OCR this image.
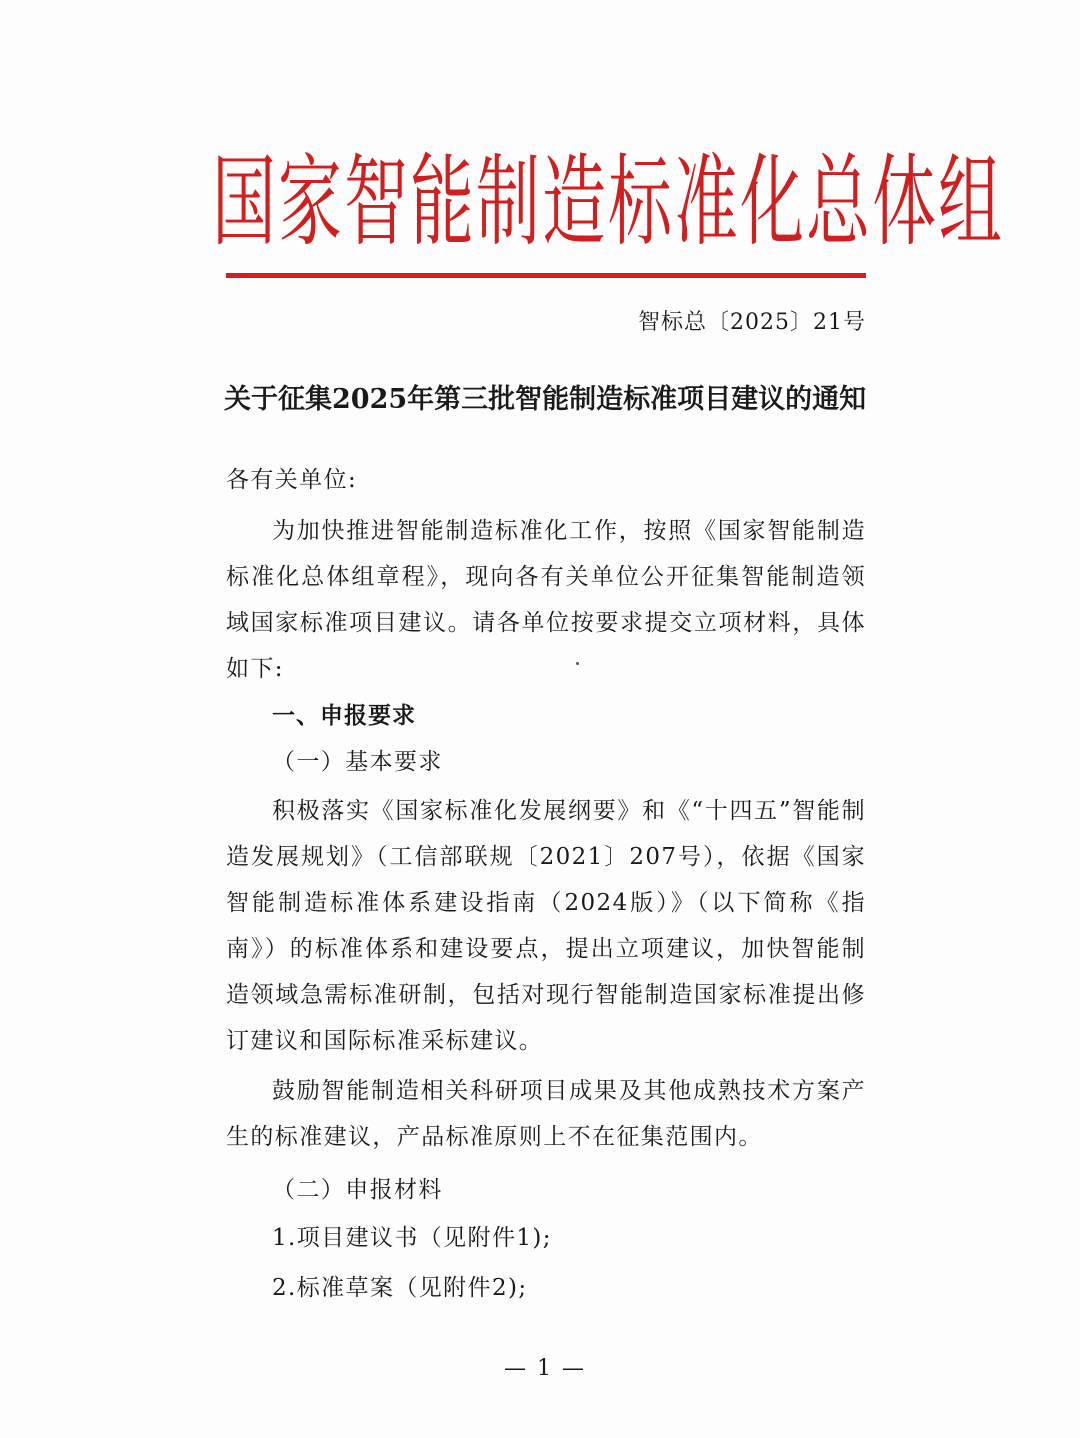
国家智能制造标准化总体组
智标总〔2025〕21号
关于征集2025年第三批智能制造标准项目建议的通知
各有关单位:

为加快推进智能制造标准化工作，按照《国家智能制造标准化总体组章程》，现向各有关单位公开征集智能制造领域国家标准项目建议。请各单位按要求提交立项材料，具体如下:

一、申报要求
（一）基本要求

积极落实《国家标准化发展纲要》和《“十四五”智能制造发展规划》（工信部联规〔2021〕207号），依据《国家智能制造标准体系建设指南（2024版）》（以下简称《指南》）的标准体系和建设要点，提出立项建议，加快智能制造领域急需标准研制，包括对现行智能制造国家标准提出修订建议和国际标准采标建议。

鼓励智能制造相关科研项目成果及其他成熟技术方案产生的标准建议，产品标准原则上不在征集范围内。

（二）申报材料
1.项目建议书（见附件1);
2.标准草案（见附件2);
— 1 —
